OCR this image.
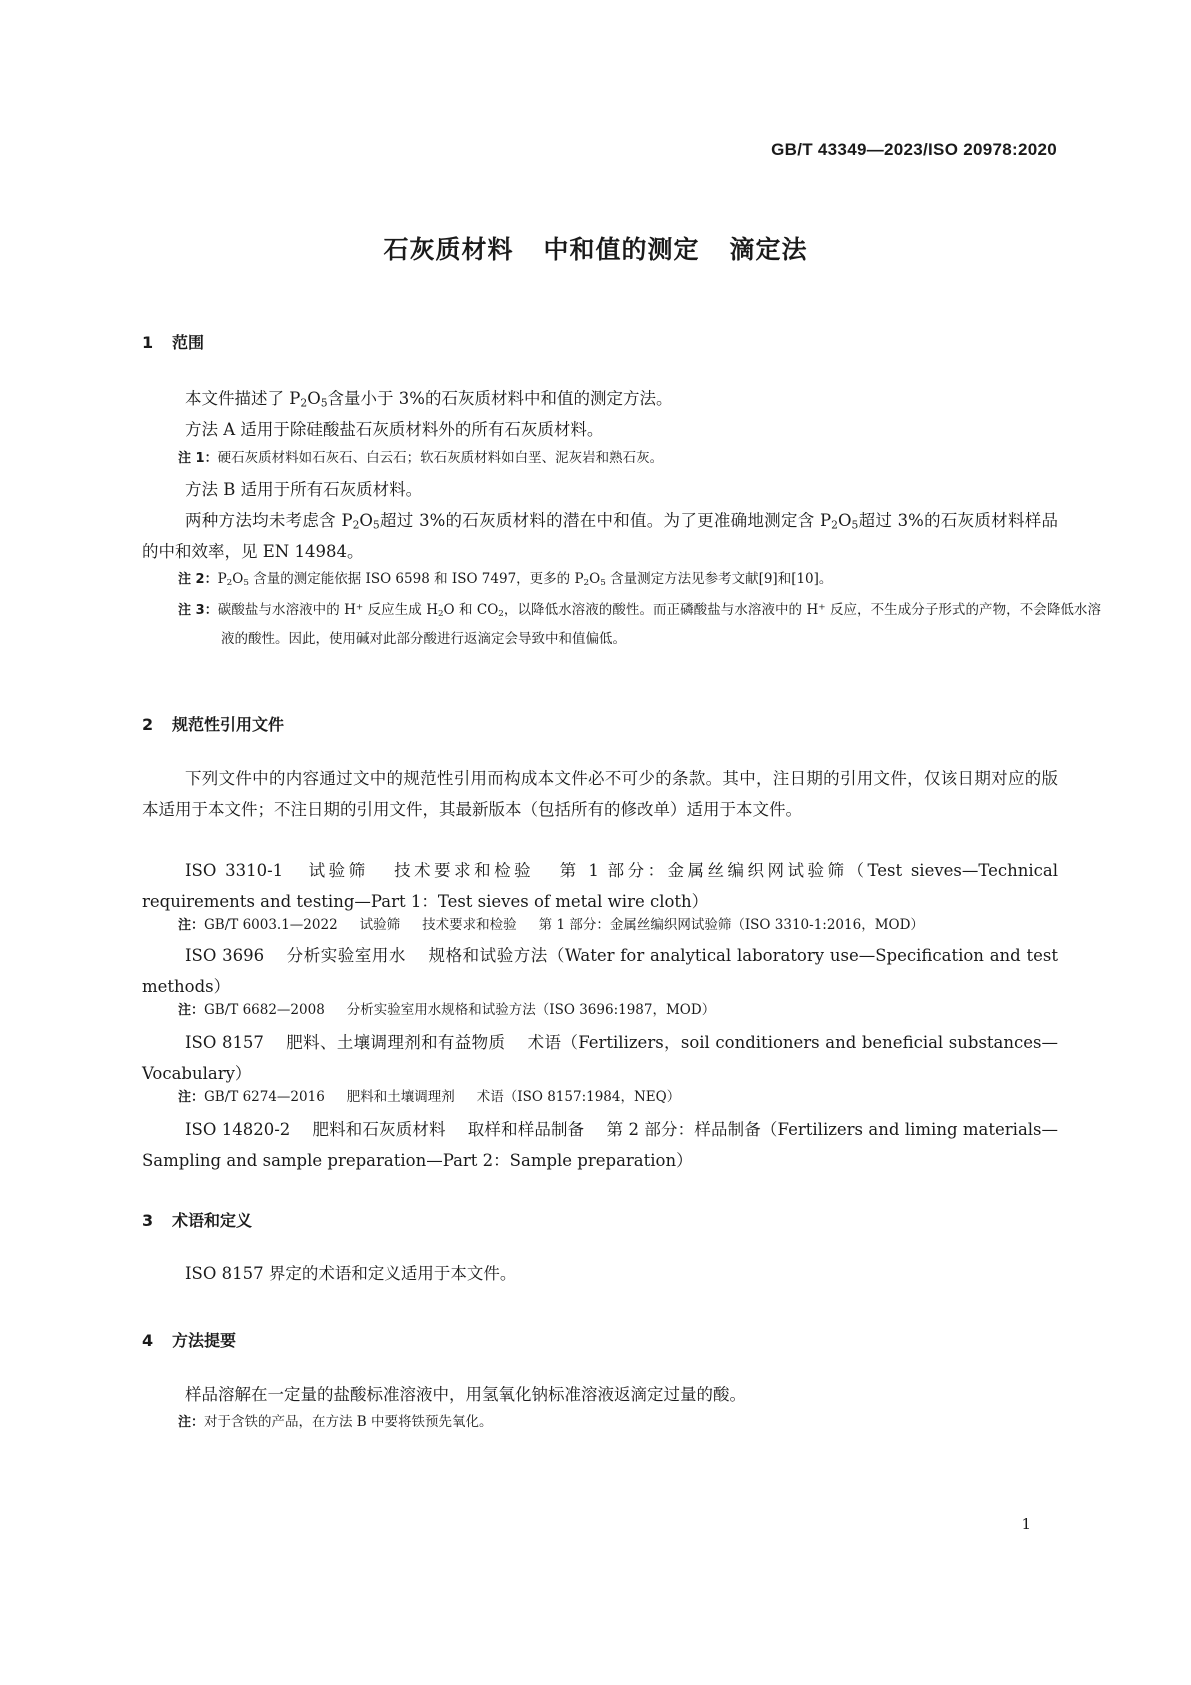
GB/T 43349—2023/ISO 20978:2020
石灰质材料 中和值的测定 滴定法
1 范围
本文件描述了 $P_2O_5$含量小于 3%的石灰质材料中和值的测定方法。
方法 A 适用于除硅酸盐石灰质材料外的所有石灰质材料。
注 1：硬石灰质材料如石灰石、白云石；软石灰质材料如白垩、泥灰岩和熟石灰。
方法 B 适用于所有石灰质材料。
两种方法均未考虑含 $P_2O_5$超过 3%的石灰质材料的潜在中和值。为了更准确地测定含 $P_2O_5$超过 3%的石灰质材料样品的中和效率，见 EN 14984。
注 2：$P_2O_5$ 含量的测定能依据 ISO 6598 和 ISO 7497，更多的 $P_2O_5$ 含量测定方法见参考文献[9]和[10]。
注 3：碳酸盐与水溶液中的 H+ 反应生成 $H_2O$ 和 $CO_2$，以降低水溶液的酸性。而正磷酸盐与水溶液中的 H+ 反应，不生成分子形式的产物，不会降低水溶液的酸性。因此，使用碱对此部分酸进行返滴定会导致中和值偏低。
2 规范性引用文件
下列文件中的内容通过文中的规范性引用而构成本文件必不可少的条款。其中，注日期的引用文件，仅该日期对应的版本适用于本文件；不注日期的引用文件，其最新版本（包括所有的修改单）适用于本文件。
ISO 3310-1 试验筛 技术要求和检验 第 1 部分：金属丝编织网试验筛（Test sieves—Technical requirements and testing—Part 1：Test sieves of metal wire cloth）
注：GB/T 6003.1—2022 试验筛 技术要求和检验 第 1 部分：金属丝编织网试验筛（ISO 3310-1:2016，MOD）
ISO 3696 分析实验室用水 规格和试验方法（Water for analytical laboratory use—Specification and test methods）
注：GB/T 6682—2008 分析实验室用水规格和试验方法（ISO 3696:1987，MOD）
ISO 8157 肥料、土壤调理剂和有益物质 术语（Fertilizers，soil conditioners and beneficial substances—Vocabulary）
注：GB/T 6274—2016 肥料和土壤调理剂 术语（ISO 8157:1984，NEQ）
ISO 14820-2 肥料和石灰质材料 取样和样品制备 第 2 部分：样品制备（Fertilizers and liming materials—Sampling and sample preparation—Part 2：Sample preparation）
3 术语和定义
ISO 8157 界定的术语和定义适用于本文件。
4 方法提要
样品溶解在一定量的盐酸标准溶液中，用氢氧化钠标准溶液返滴定过量的酸。
注：对于含铁的产品，在方法 B 中要将铁预先氧化。
1
